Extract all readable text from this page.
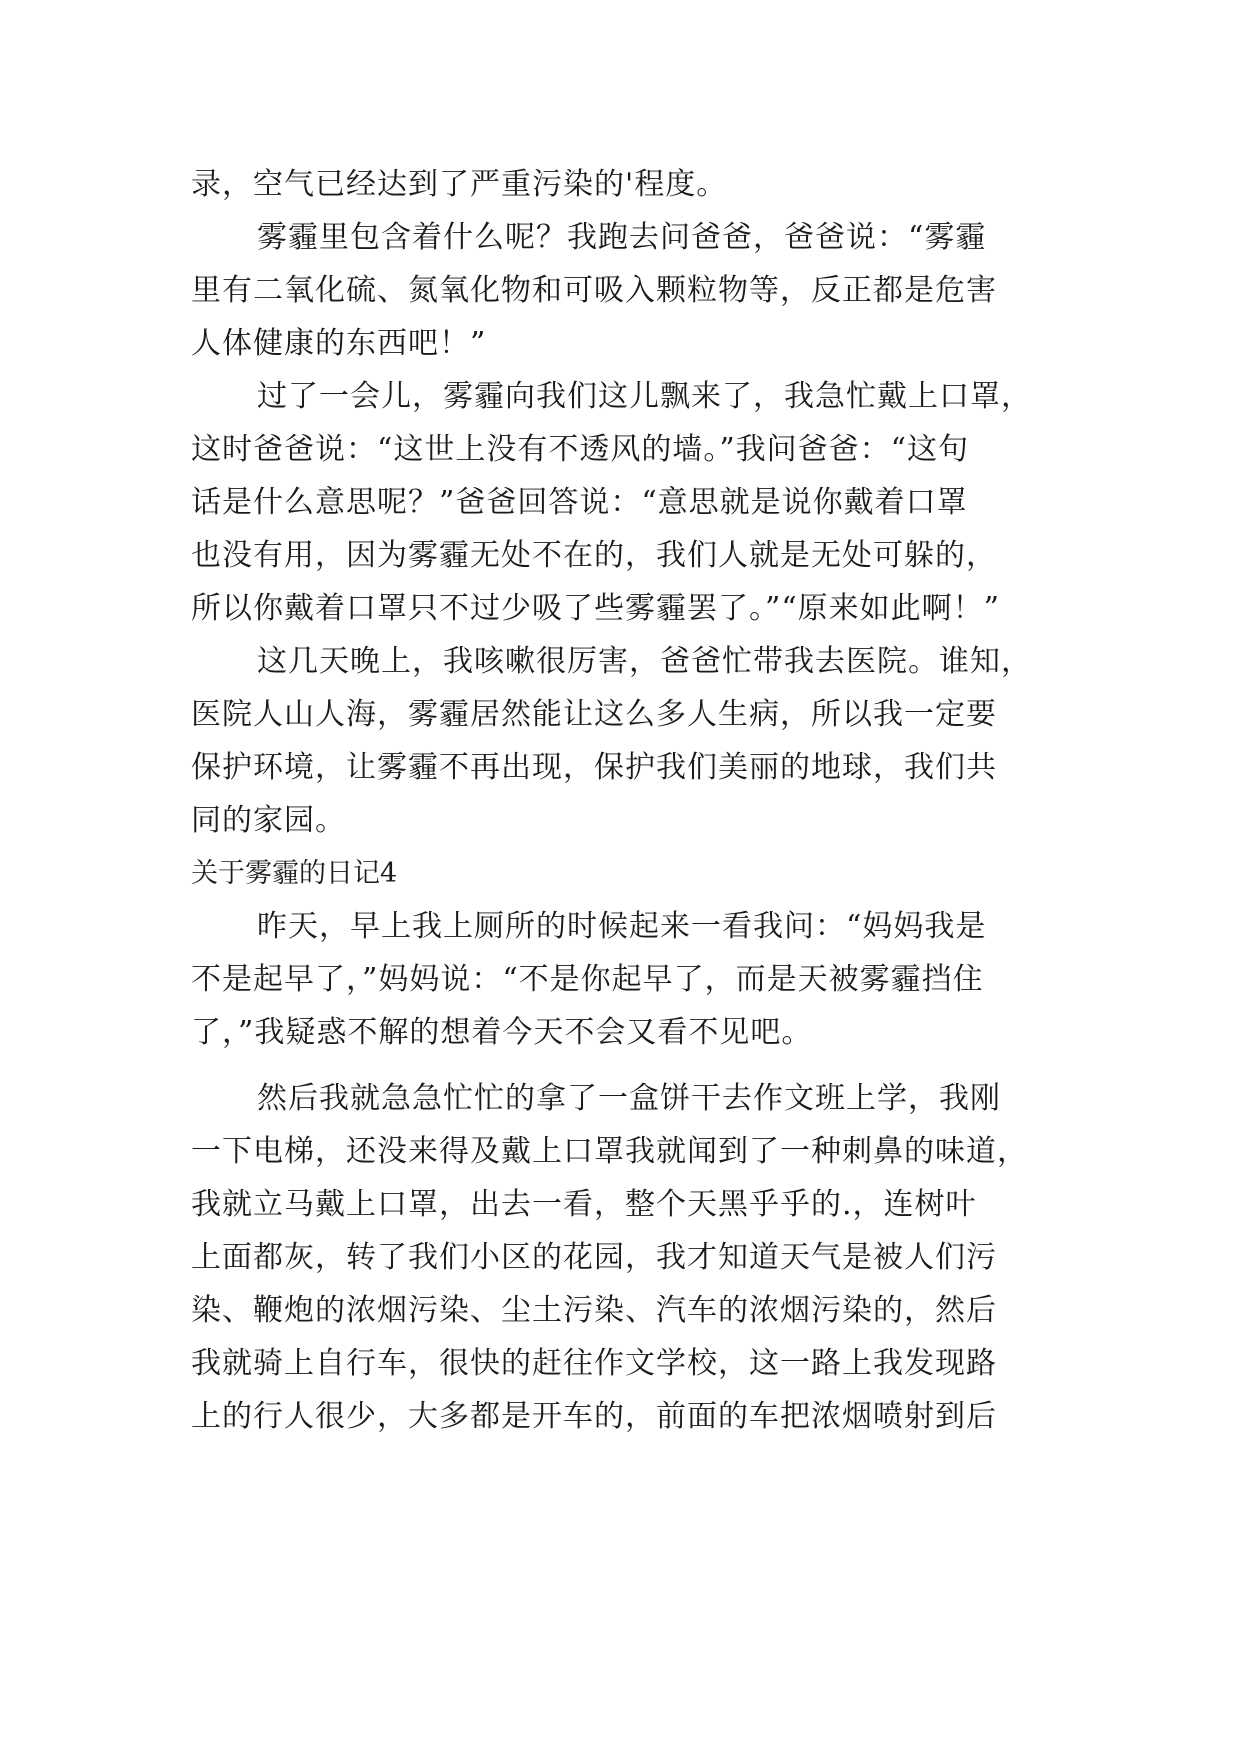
录，空气已经达到了严重污染的'程度。
雾霾里包含着什么呢？我跑去问爸爸，爸爸说：“雾霾
里有二氧化硫、氮氧化物和可吸入颗粒物等，反正都是危害
人体健康的东西吧！”
过了一会儿，雾霾向我们这儿飘来了，我急忙戴上口罩，
这时爸爸说：“这世上没有不透风的墙。”我问爸爸：“这句
话是什么意思呢？”爸爸回答说：“意思就是说你戴着口罩
也没有用，因为雾霾无处不在的，我们人就是无处可躲的，
所以你戴着口罩只不过少吸了些雾霾罢了。”“原来如此啊！”
这几天晚上，我咳嗽很厉害，爸爸忙带我去医院。谁知，
医院人山人海，雾霾居然能让这么多人生病，所以我一定要
保护环境，让雾霾不再出现，保护我们美丽的地球，我们共
同的家园。
关于雾霾的日记4
昨天，早上我上厕所的时候起来一看我问：“妈妈我是
不是起早了，”妈妈说：“不是你起早了，而是天被雾霾挡住
了，”我疑惑不解的想着今天不会又看不见吧。
然后我就急急忙忙的拿了一盒饼干去作文班上学，我刚
一下电梯，还没来得及戴上口罩我就闻到了一种刺鼻的味道，
我就立马戴上口罩，出去一看，整个天黑乎乎的.，连树叶
上面都灰，转了我们小区的花园，我才知道天气是被人们污
染、鞭炮的浓烟污染、尘土污染、汽车的浓烟污染的，然后
我就骑上自行车，很快的赶往作文学校，这一路上我发现路
上的行人很少，大多都是开车的，前面的车把浓烟喷射到后
